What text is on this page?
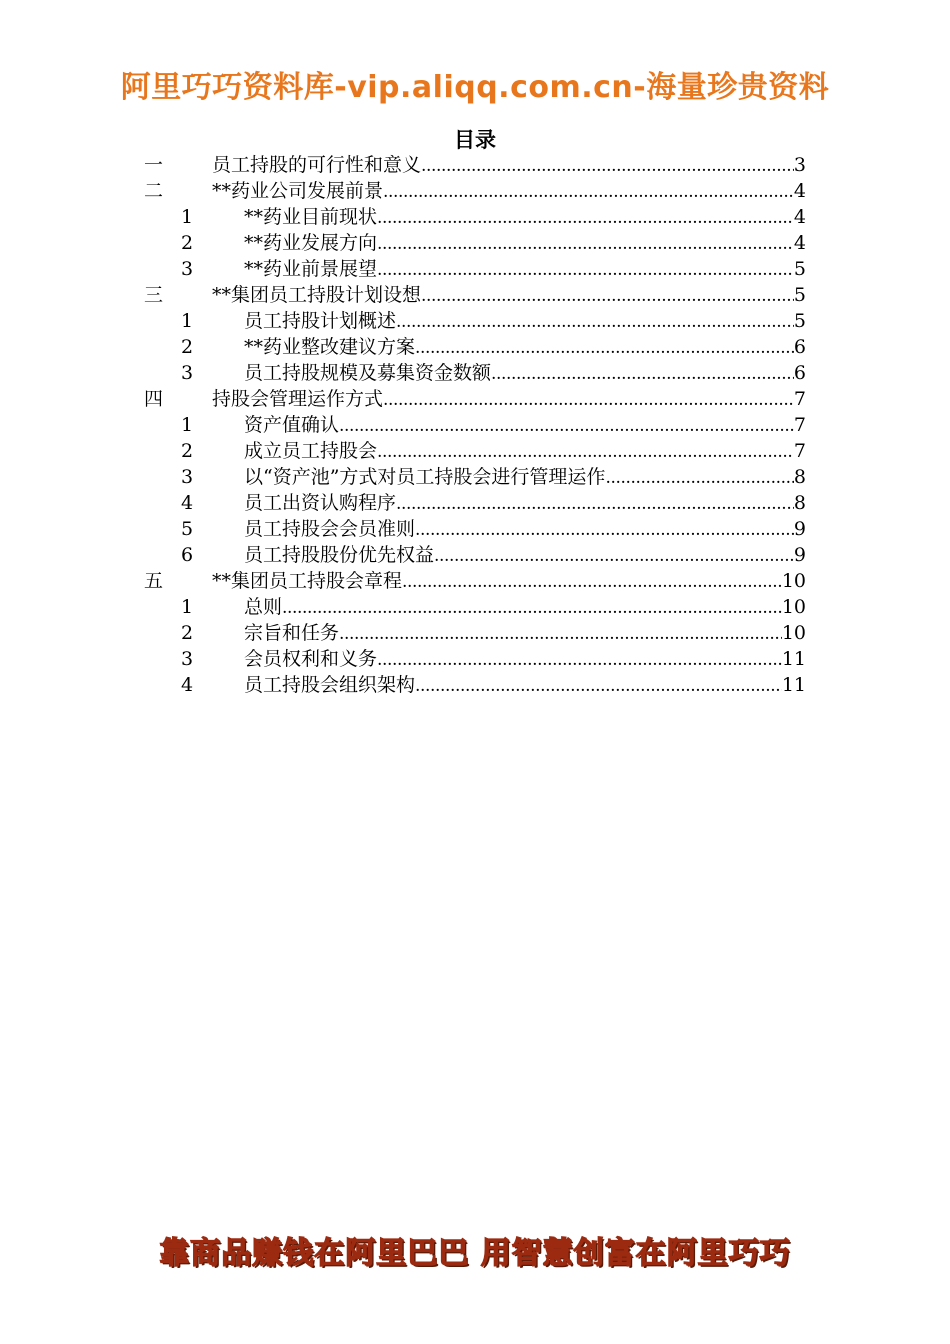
阿里巧巧资料库-vip.aliqq.com.cn-海量珍贵资料
目录
一	员工持股的可行性和意义 .....	3
二	**药业公司发展前景 .....	4
1	**药业目前现状 .....	4
2	**药业发展方向 .....	4
3	**药业前景展望 .....	5
三	**集团员工持股计划设想 .....	5
1	员工持股计划概述 .....	5
2	**药业整改建议方案 .....	6
3	员工持股规模及募集资金数额 .....	6
四	持股会管理运作方式 .....	7
1	资产值确认 .....	7
2	成立员工持股会 .....	7
3	以“资产池”方式对员工持股会进行管理运作 .....	8
4	员工出资认购程序 .....	8
5	员工持股会会员准则 .....	9
6	员工持股股份优先权益 .....	9
五	**集团员工持股会章程 .....	10
1	总则 .....	10
2	宗旨和任务 .....	10
3	会员权利和义务 .....	11
4	员工持股会组织架构 .....	11
靠商品赚钱在阿里巴巴 用智慧创富在阿里巧巧
